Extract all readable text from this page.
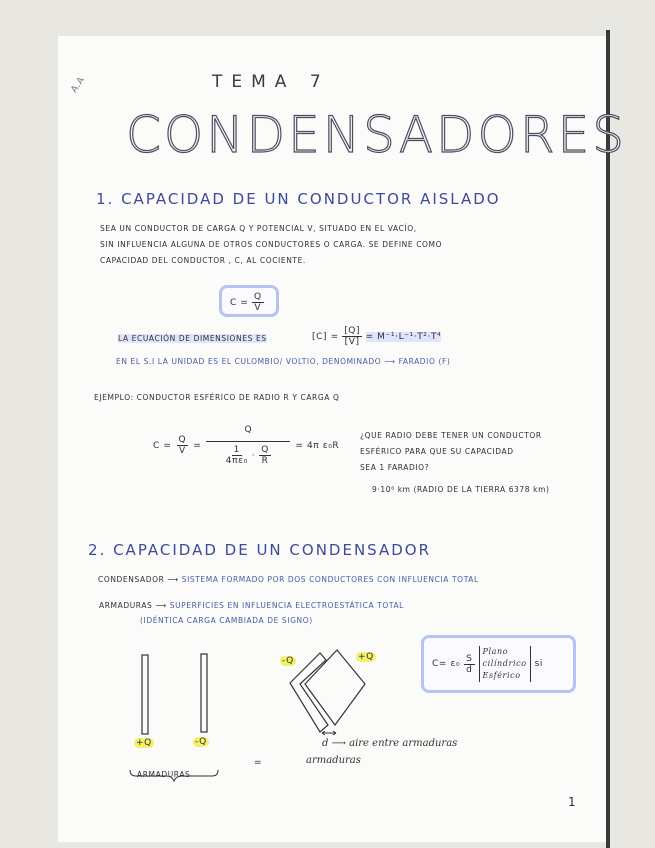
A.A	TEMA 7
CONDENSADORES
1. CAPACIDAD DE UN CONDUCTOR AISLADO
SEA UN CONDUCTOR DE CARGA Q Y POTENCIAL V, SITUADO EN EL VACÍO,
SIN INFLUENCIA ALGUNA DE OTROS CONDUCTORES O CARGA. SE DEFINE COMO
CAPACIDAD DEL CONDUCTOR , C, AL COCIENTE.
$C = \frac{Q}{V}$
LA ECUACIÓN DE DIMENSIONES ES	$[C] = \frac{[Q]}{[V]} = M^{-1}\cdot L^{-1}\cdot T^2\cdot T^4$
EN EL S.I LA UNIDAD ES EL CULOMBIO/ VOLTIO, DENOMINADO ⟶ FARADIO (F)
EJEMPLO: CONDUCTOR ESFÉRICO DE RADIO R Y CARGA Q
$C = \frac{Q}{V} = \frac{Q}{\frac{1}{\text{4πε₀}} \cdot \frac{Q}{R}} = 4\pi$ ε₀R
¿QUE RADIO DEBE TENER UN CONDUCTOR
ESFÉRICO PARA QUE SU CAPACIDAD
SEA 1 FARADIO?
9·10⁶ km (RADIO DE LA TIERRA 6378 km)
2. CAPACIDAD DE UN CONDENSADOR
CONDENSADOR ⟶ SISTEMA FORMADO POR DOS CONDUCTORES CON INFLUENCIA TOTAL
ARMADURAS ⟶ SUPERFICIES EN INFLUENCIA ELECTROESTÁTICA TOTAL
(IDÉNTICA CARGA CAMBIADA DE SIGNO)
+Q	-Q
-Q	+Q
ARMADURAS
=	armaduras
d ⟶ aire entre armaduras
$C= \varepsilon_0 \frac{S}{d}$
Plano
cilíndrico
Esférico
si
1
